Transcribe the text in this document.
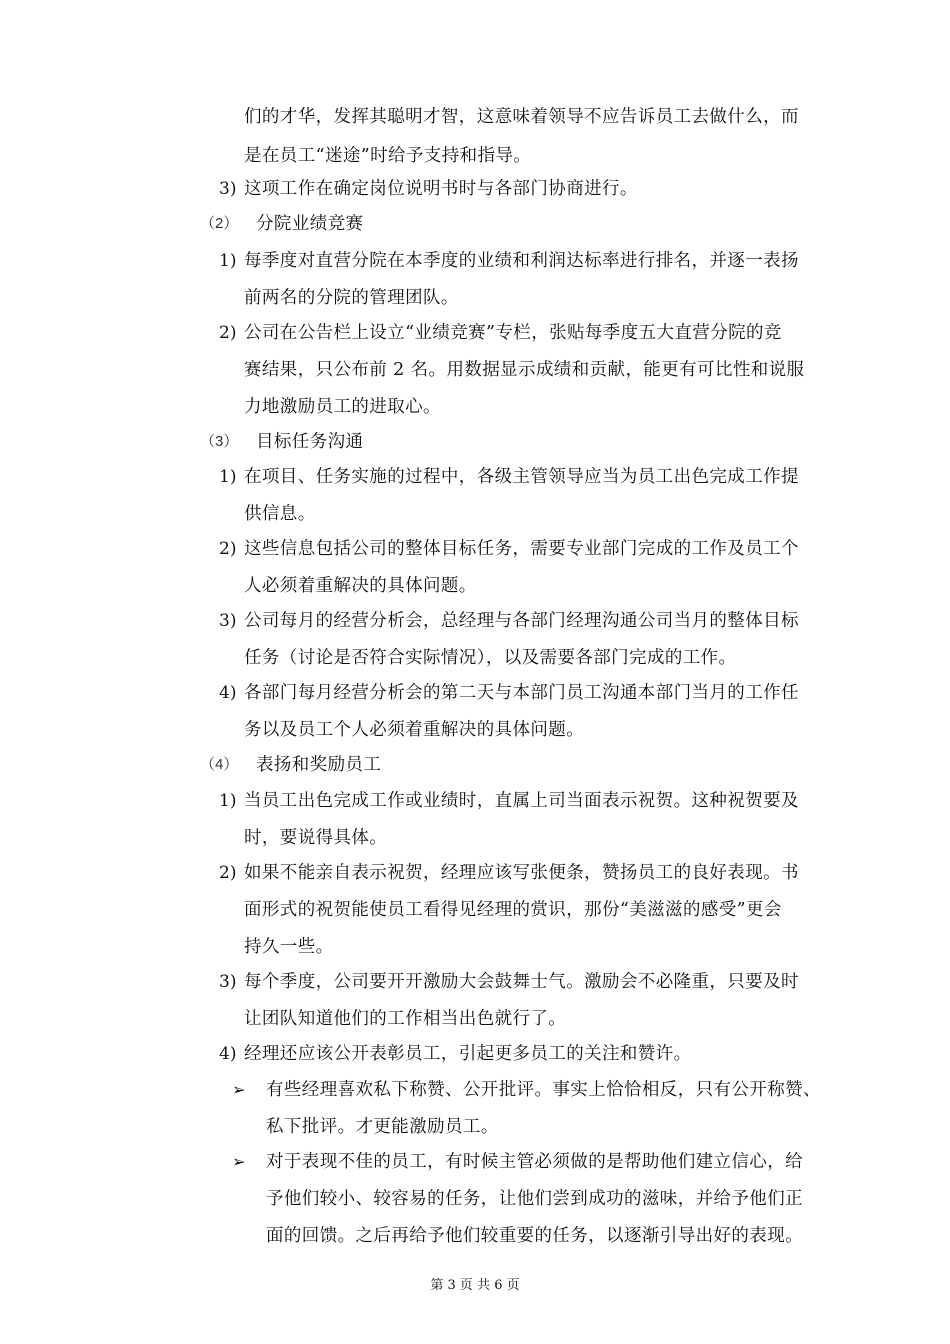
们的才华，发挥其聪明才智，这意味着领导不应告诉员工去做什么，而
是在员工“迷途”时给予支持和指导。
3) 这项工作在确定岗位说明书时与各部门协商进行。
（2） 分院业绩竞赛
1) 每季度对直营分院在本季度的业绩和利润达标率进行排名，并逐一表扬
前两名的分院的管理团队。
2) 公司在公告栏上设立“业绩竞赛”专栏，张贴每季度五大直营分院的竞
赛结果，只公布前 2 名。用数据显示成绩和贡献，能更有可比性和说服
力地激励员工的进取心。
（3） 目标任务沟通
1) 在项目、任务实施的过程中，各级主管领导应当为员工出色完成工作提
供信息。
2) 这些信息包括公司的整体目标任务，需要专业部门完成的工作及员工个
人必须着重解决的具体问题。
3) 公司每月的经营分析会，总经理与各部门经理沟通公司当月的整体目标
任务（讨论是否符合实际情况），以及需要各部门完成的工作。
4) 各部门每月经营分析会的第二天与本部门员工沟通本部门当月的工作任
务以及员工个人必须着重解决的具体问题。
（4） 表扬和奖励员工
1) 当员工出色完成工作或业绩时，直属上司当面表示祝贺。这种祝贺要及
时，要说得具体。
2) 如果不能亲自表示祝贺，经理应该写张便条，赞扬员工的良好表现。书
面形式的祝贺能使员工看得见经理的赏识，那份“美滋滋的感受”更会
持久一些。
3) 每个季度，公司要开开激励大会鼓舞士气。激励会不必隆重，只要及时
让团队知道他们的工作相当出色就行了。
4) 经理还应该公开表彰员工，引起更多员工的关注和赞许。
➢ 有些经理喜欢私下称赞、公开批评。事实上恰恰相反，只有公开称赞、
私下批评。才更能激励员工。
➢ 对于表现不佳的员工，有时候主管必须做的是帮助他们建立信心，给
予他们较小、较容易的任务，让他们尝到成功的滋味，并给予他们正
面的回馈。之后再给予他们较重要的任务，以逐渐引导出好的表现。
第 3 页 共 6 页
